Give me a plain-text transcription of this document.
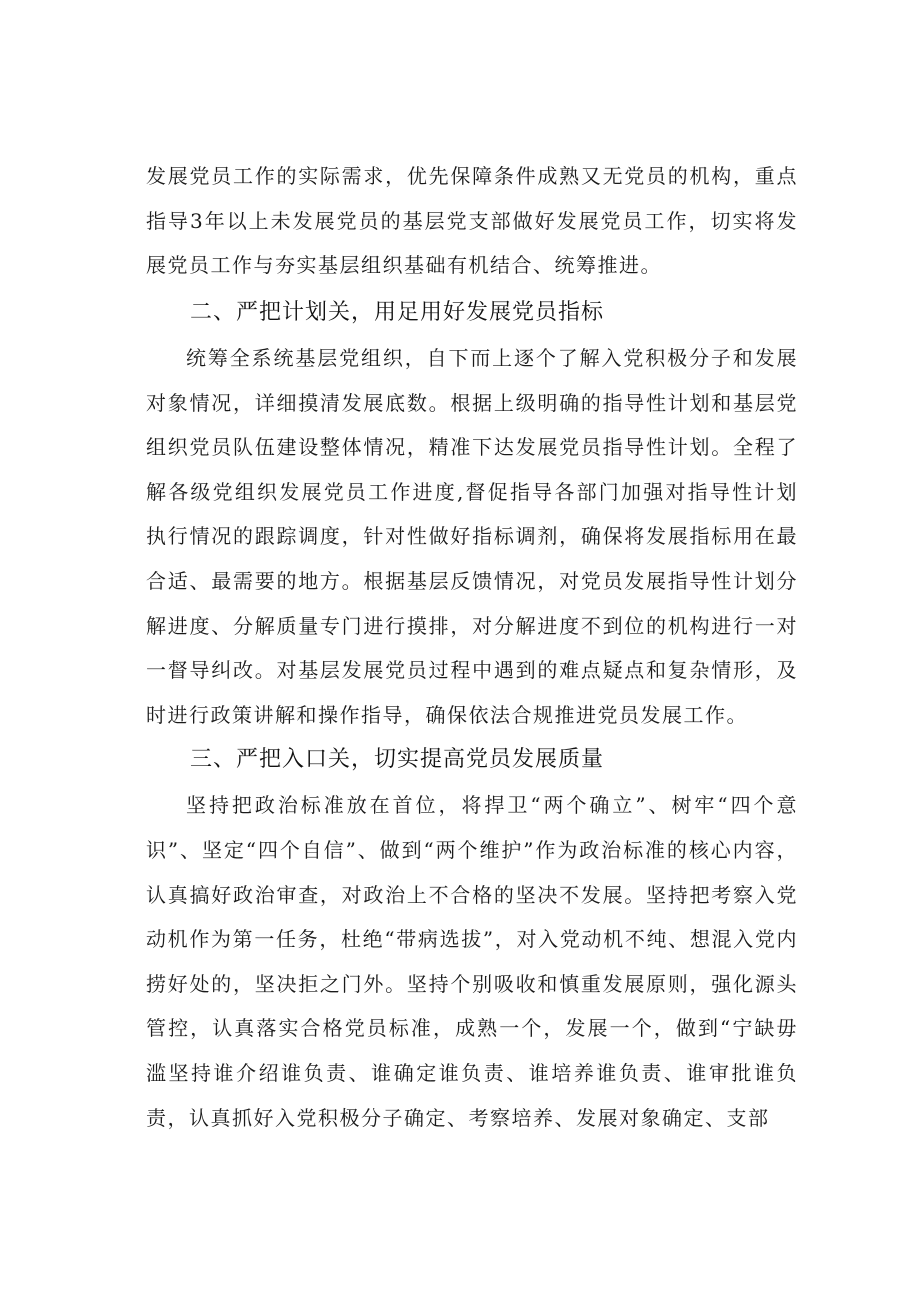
发展党员工作的实际需求，优先保障条件成熟又无党员的机构，重点指导3年以上未发展党员的基层党支部做好发展党员工作，切实将发展党员工作与夯实基层组织基础有机结合、统筹推进。

二、严把计划关，用足用好发展党员指标

统筹全系统基层党组织，自下而上逐个了解入党积极分子和发展对象情况，详细摸清发展底数。根据上级明确的指导性计划和基层党组织党员队伍建设整体情况，精准下达发展党员指导性计划。全程了解各级党组织发展党员工作进度,督促指导各部门加强对指导性计划执行情况的跟踪调度，针对性做好指标调剂，确保将发展指标用在最合适、最需要的地方。根据基层反馈情况，对党员发展指导性计划分解进度、分解质量专门进行摸排，对分解进度不到位的机构进行一对一督导纠改。对基层发展党员过程中遇到的难点疑点和复杂情形，及时进行政策讲解和操作指导，确保依法合规推进党员发展工作。

三、严把入口关，切实提高党员发展质量

坚持把政治标准放在首位，将捍卫“两个确立”、树牢“四个意识”、坚定“四个自信”、做到“两个维护”作为政治标准的核心内容，认真搞好政治审查，对政治上不合格的坚决不发展。坚持把考察入党动机作为第一任务，杜绝“带病选拔”，对入党动机不纯、想混入党内捞好处的，坚决拒之门外。坚持个别吸收和慎重发展原则，强化源头管控，认真落实合格党员标准，成熟一个，发展一个，做到“宁缺毋滥坚持谁介绍谁负责、谁确定谁负责、谁培养谁负责、谁审批谁负责，认真抓好入党积极分子确定、考察培养、发展对象确定、支部
